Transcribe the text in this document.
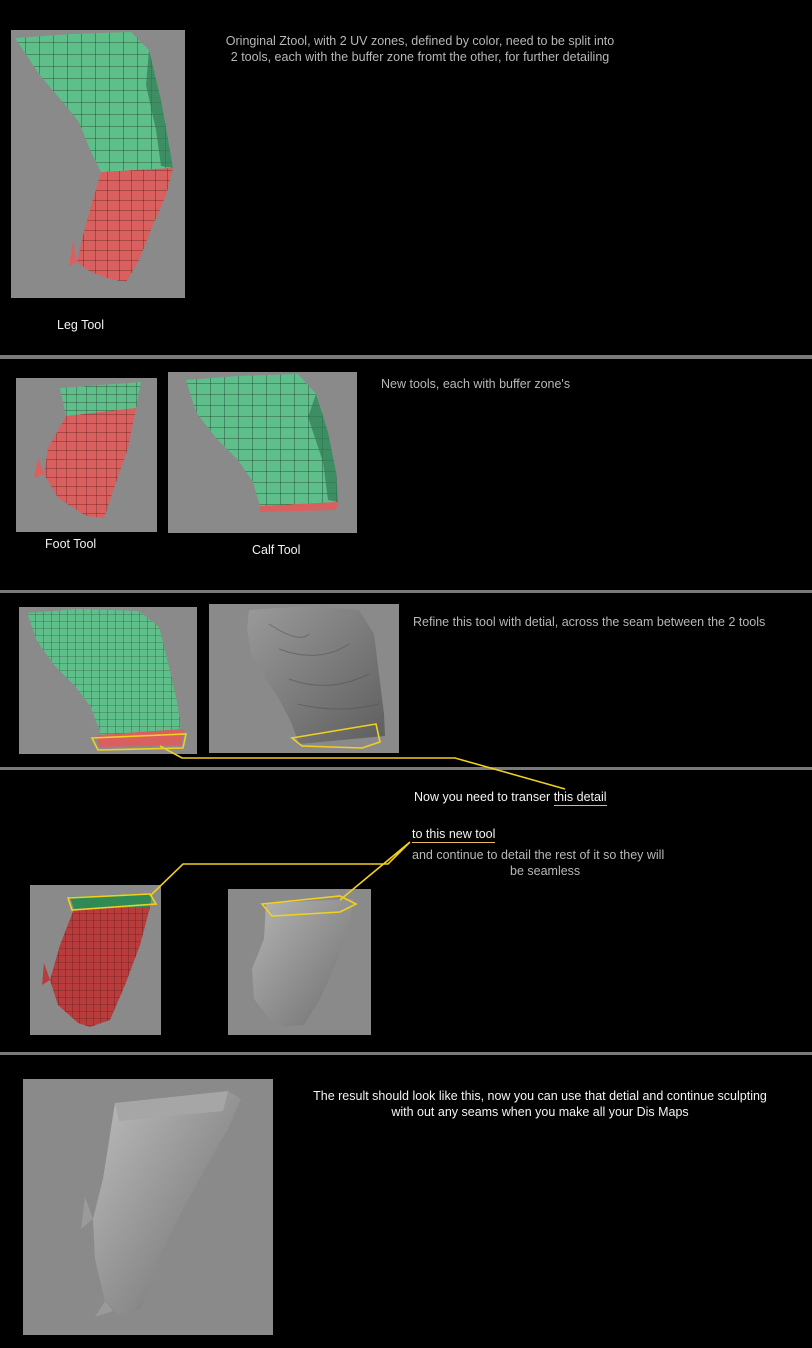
Oringinal Ztool, with 2 UV zones, defined by color, need to be split into
2 tools, each with the buffer zone fromt the other, for further detailing
Leg Tool
New tools, each with buffer zone's
Foot Tool	Calf Tool
Refine this tool with detial, across the seam between the 2 tools
Now you need to transer this detail
to this new tool
and continue to detail the rest of it so they will
be seamless
The result should look like this, now you can use that detial and continue sculpting
with out any seams when you make all your Dis Maps
